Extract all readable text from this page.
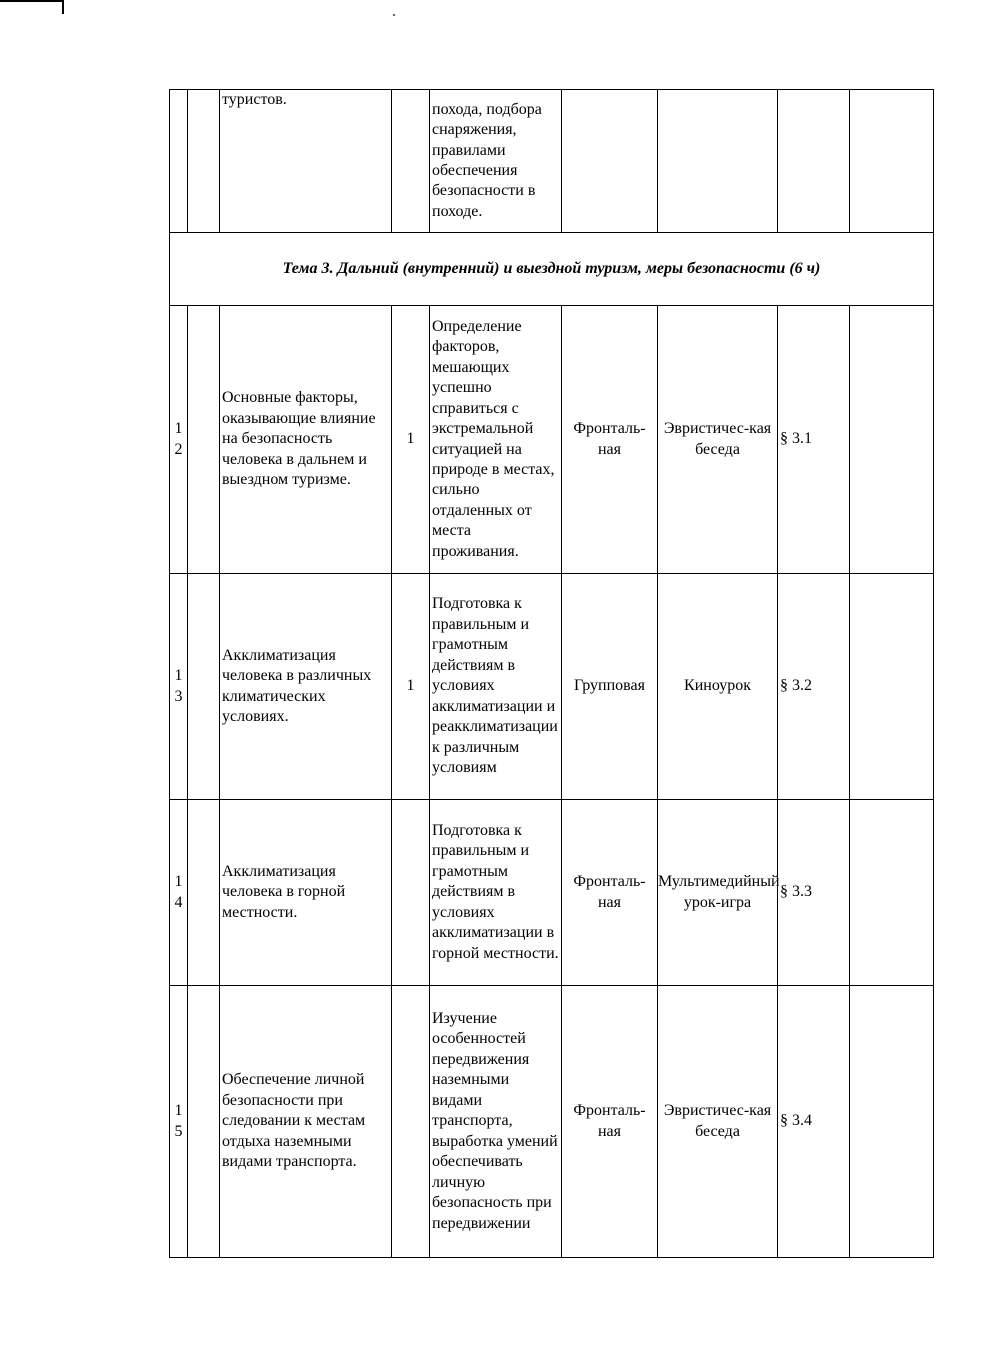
		туристов.		похода, подбора снаряжения, правилами обеспечения безопасности в походе.				
Тема 3. Дальний (внутренний) и выездной туризм, меры безопасности (6 ч)								

1
2		Основные факторы, оказывающие влияние на безопасность человека в дальнем и выездном туризме.	1	Определение факторов, мешающих успешно справиться с экстремальной ситуацией на природе в местах, сильно отдаленных от места проживания.	Фронталь-ная	Эвристичес-кая беседа	§ 3.1	

1
3		Акклиматизация человека в различных климатических условиях.	1	Подготовка к правильным и грамотным действиям в условиях акклиматизации и реакклиматизации к различным условиям	Групповая	Киноурок	§ 3.2	

1
4		Акклиматизация человека в горной местности.		Подготовка к правильным и грамотным действиям в условиях акклиматизации в горной местности.	Фронталь-ная	Мультимедийный урок-игра	§ 3.3	

1
5		Обеспечение личной безопасности при следовании к местам отдыха наземными видами транспорта.		Изучение особенностей передвижения наземными видами транспорта, выработка умений обеспечивать личную безопасность при передвижении	Фронталь-ная	Эвристичес-кая беседа	§ 3.4	
